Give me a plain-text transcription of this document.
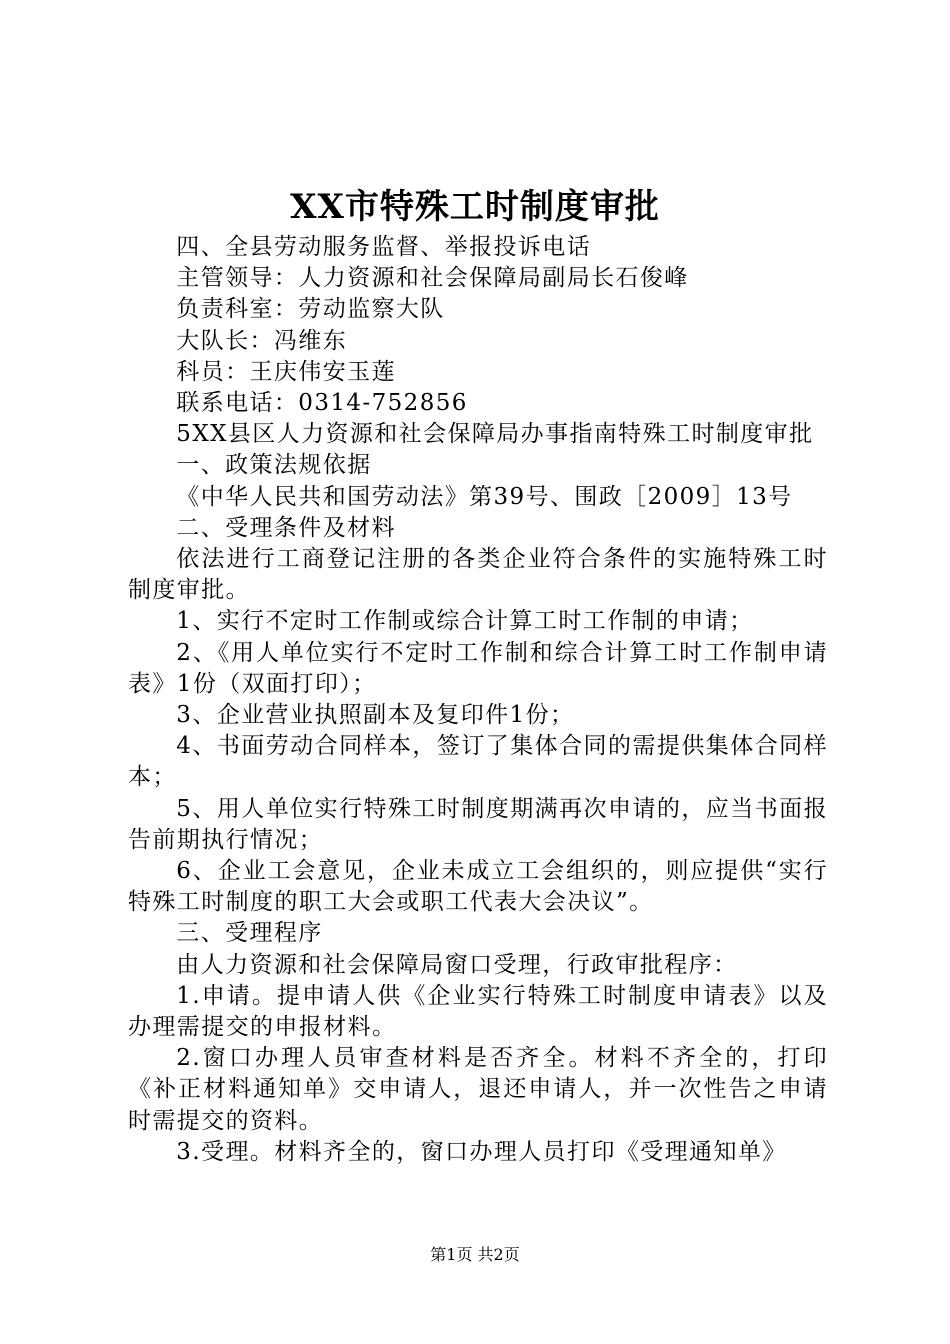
XX市特殊工时制度审批

四、全县劳动服务监督、举报投诉电话

主管领导：人力资源和社会保障局副局长石俊峰

负责科室：劳动监察大队

大队长：冯维东

科员：王庆伟安玉莲

联系电话：0314-752856

5XX县区人力资源和社会保障局办事指南特殊工时制度审批

一、政策法规依据

《中华人民共和国劳动法》第39号、围政［2009］13号

二、受理条件及材料

依法进行工商登记注册的各类企业符合条件的实施特殊工时制度审批。

1、实行不定时工作制或综合计算工时工作制的申请；

2、《用人单位实行不定时工作制和综合计算工时工作制申请表》1份（双面打印）；

3、企业营业执照副本及复印件1份；

4、书面劳动合同样本，签订了集体合同的需提供集体合同样本；

5、用人单位实行特殊工时制度期满再次申请的，应当书面报告前期执行情况；

6、企业工会意见，企业未成立工会组织的，则应提供“实行特殊工时制度的职工大会或职工代表大会决议”。

三、受理程序

由人力资源和社会保障局窗口受理，行政审批程序：

1.申请。提申请人供《企业实行特殊工时制度申请表》以及办理需提交的申报材料。

2.窗口办理人员审查材料是否齐全。材料不齐全的，打印《补正材料通知单》交申请人，退还申请人，并一次性告之申请时需提交的资料。

3.受理。材料齐全的，窗口办理人员打印《受理通知单》

第1页 共2页
